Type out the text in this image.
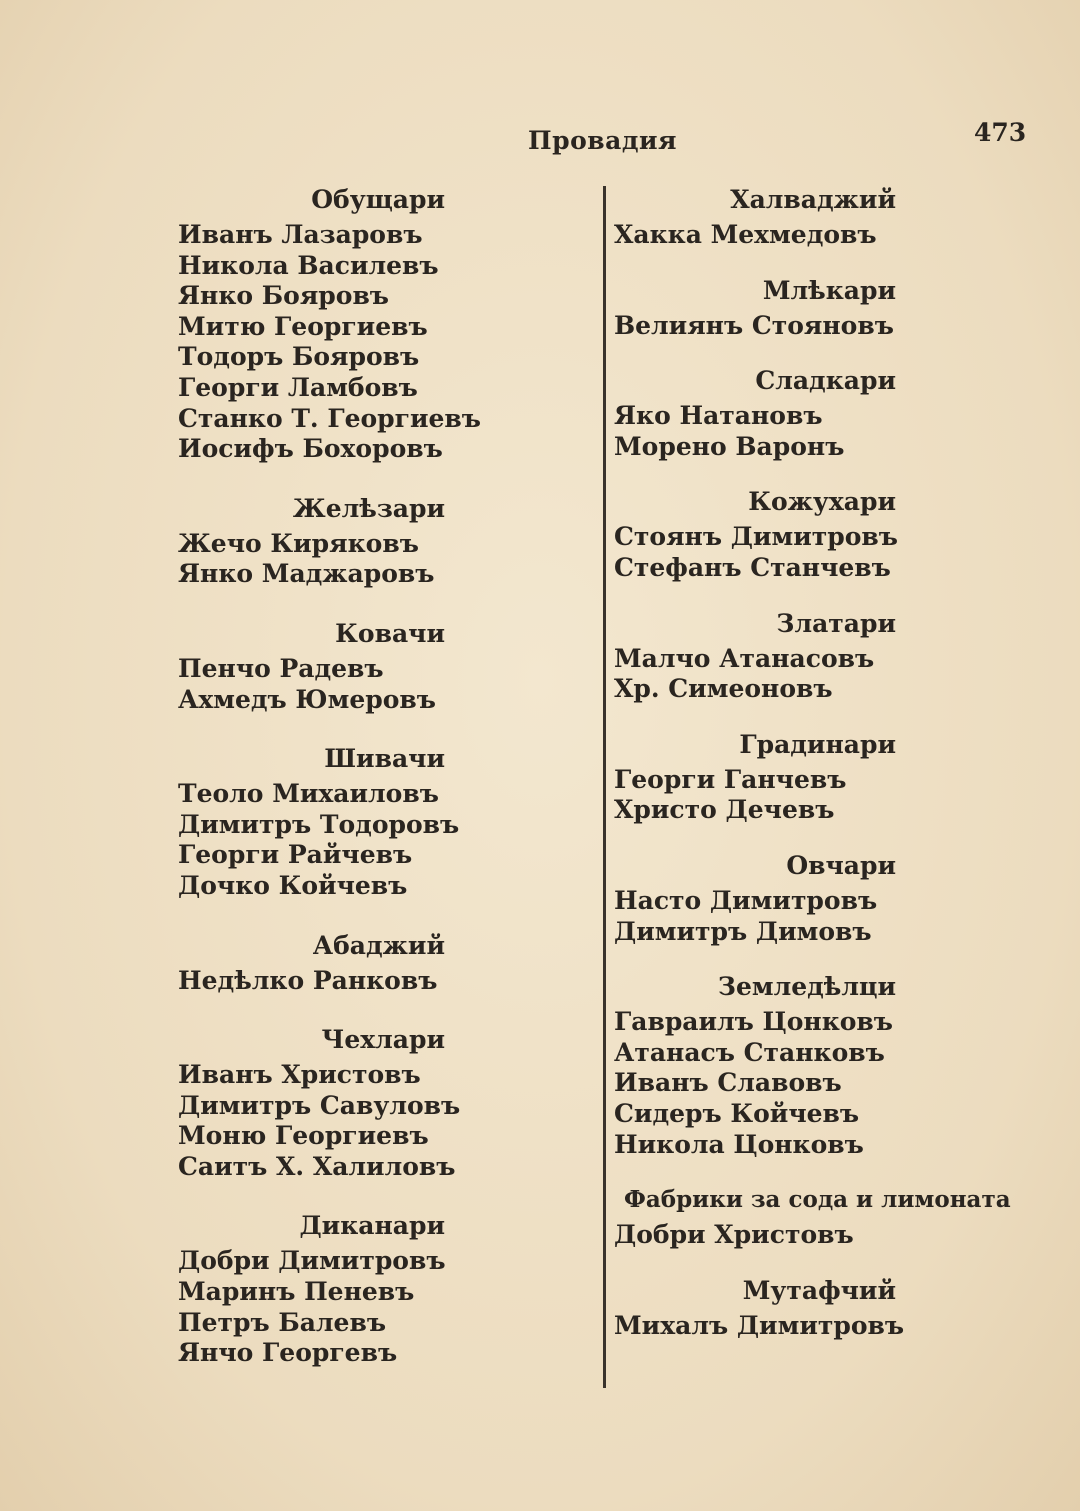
Провадия	473
Обущари
Иванъ Лазаровъ
Никола Василевъ
Янко Бояровъ
Митю Георгиевъ
Тодоръ Бояровъ
Георги Ламбовъ
Станко Т. Георгиевъ
Иосифъ Бохоровъ
Желѣзари
Жечо Киряковъ
Янко Маджаровъ
Ковачи
Пенчо Радевъ
Ахмедъ Юмеровъ
Шивачи
Теоло Михаиловъ
Димитръ Тодоровъ
Георги Райчевъ
Дочко Койчевъ
Абаджий
Недѣлко Ранковъ
Чехлари
Иванъ Христовъ
Димитръ Савуловъ
Моню Георгиевъ
Саитъ Х. Халиловъ
Диканари
Добри Димитровъ
Маринъ Пеневъ
Петръ Балевъ
Янчо Георгевъ
Халваджий
Хакка Мехмедовъ
Млѣкари
Велиянъ Стояновъ
Сладкари
Яко Натановъ
Морено Варонъ
Кожухари
Стоянъ Димитровъ
Стефанъ Станчевъ
Златари
Малчо Атанасовъ
Хр. Симеоновъ
Градинари
Георги Ганчевъ
Христо Дечевъ
Овчари
Насто Димитровъ
Димитръ Димовъ
Земледѣлци
Гавраилъ Цонковъ
Атанасъ Станковъ
Иванъ Славовъ
Сидеръ Койчевъ
Никола Цонковъ
Фабрики за сода и лимоната
Добри Христовъ
Мутафчий
Михалъ Димитровъ
